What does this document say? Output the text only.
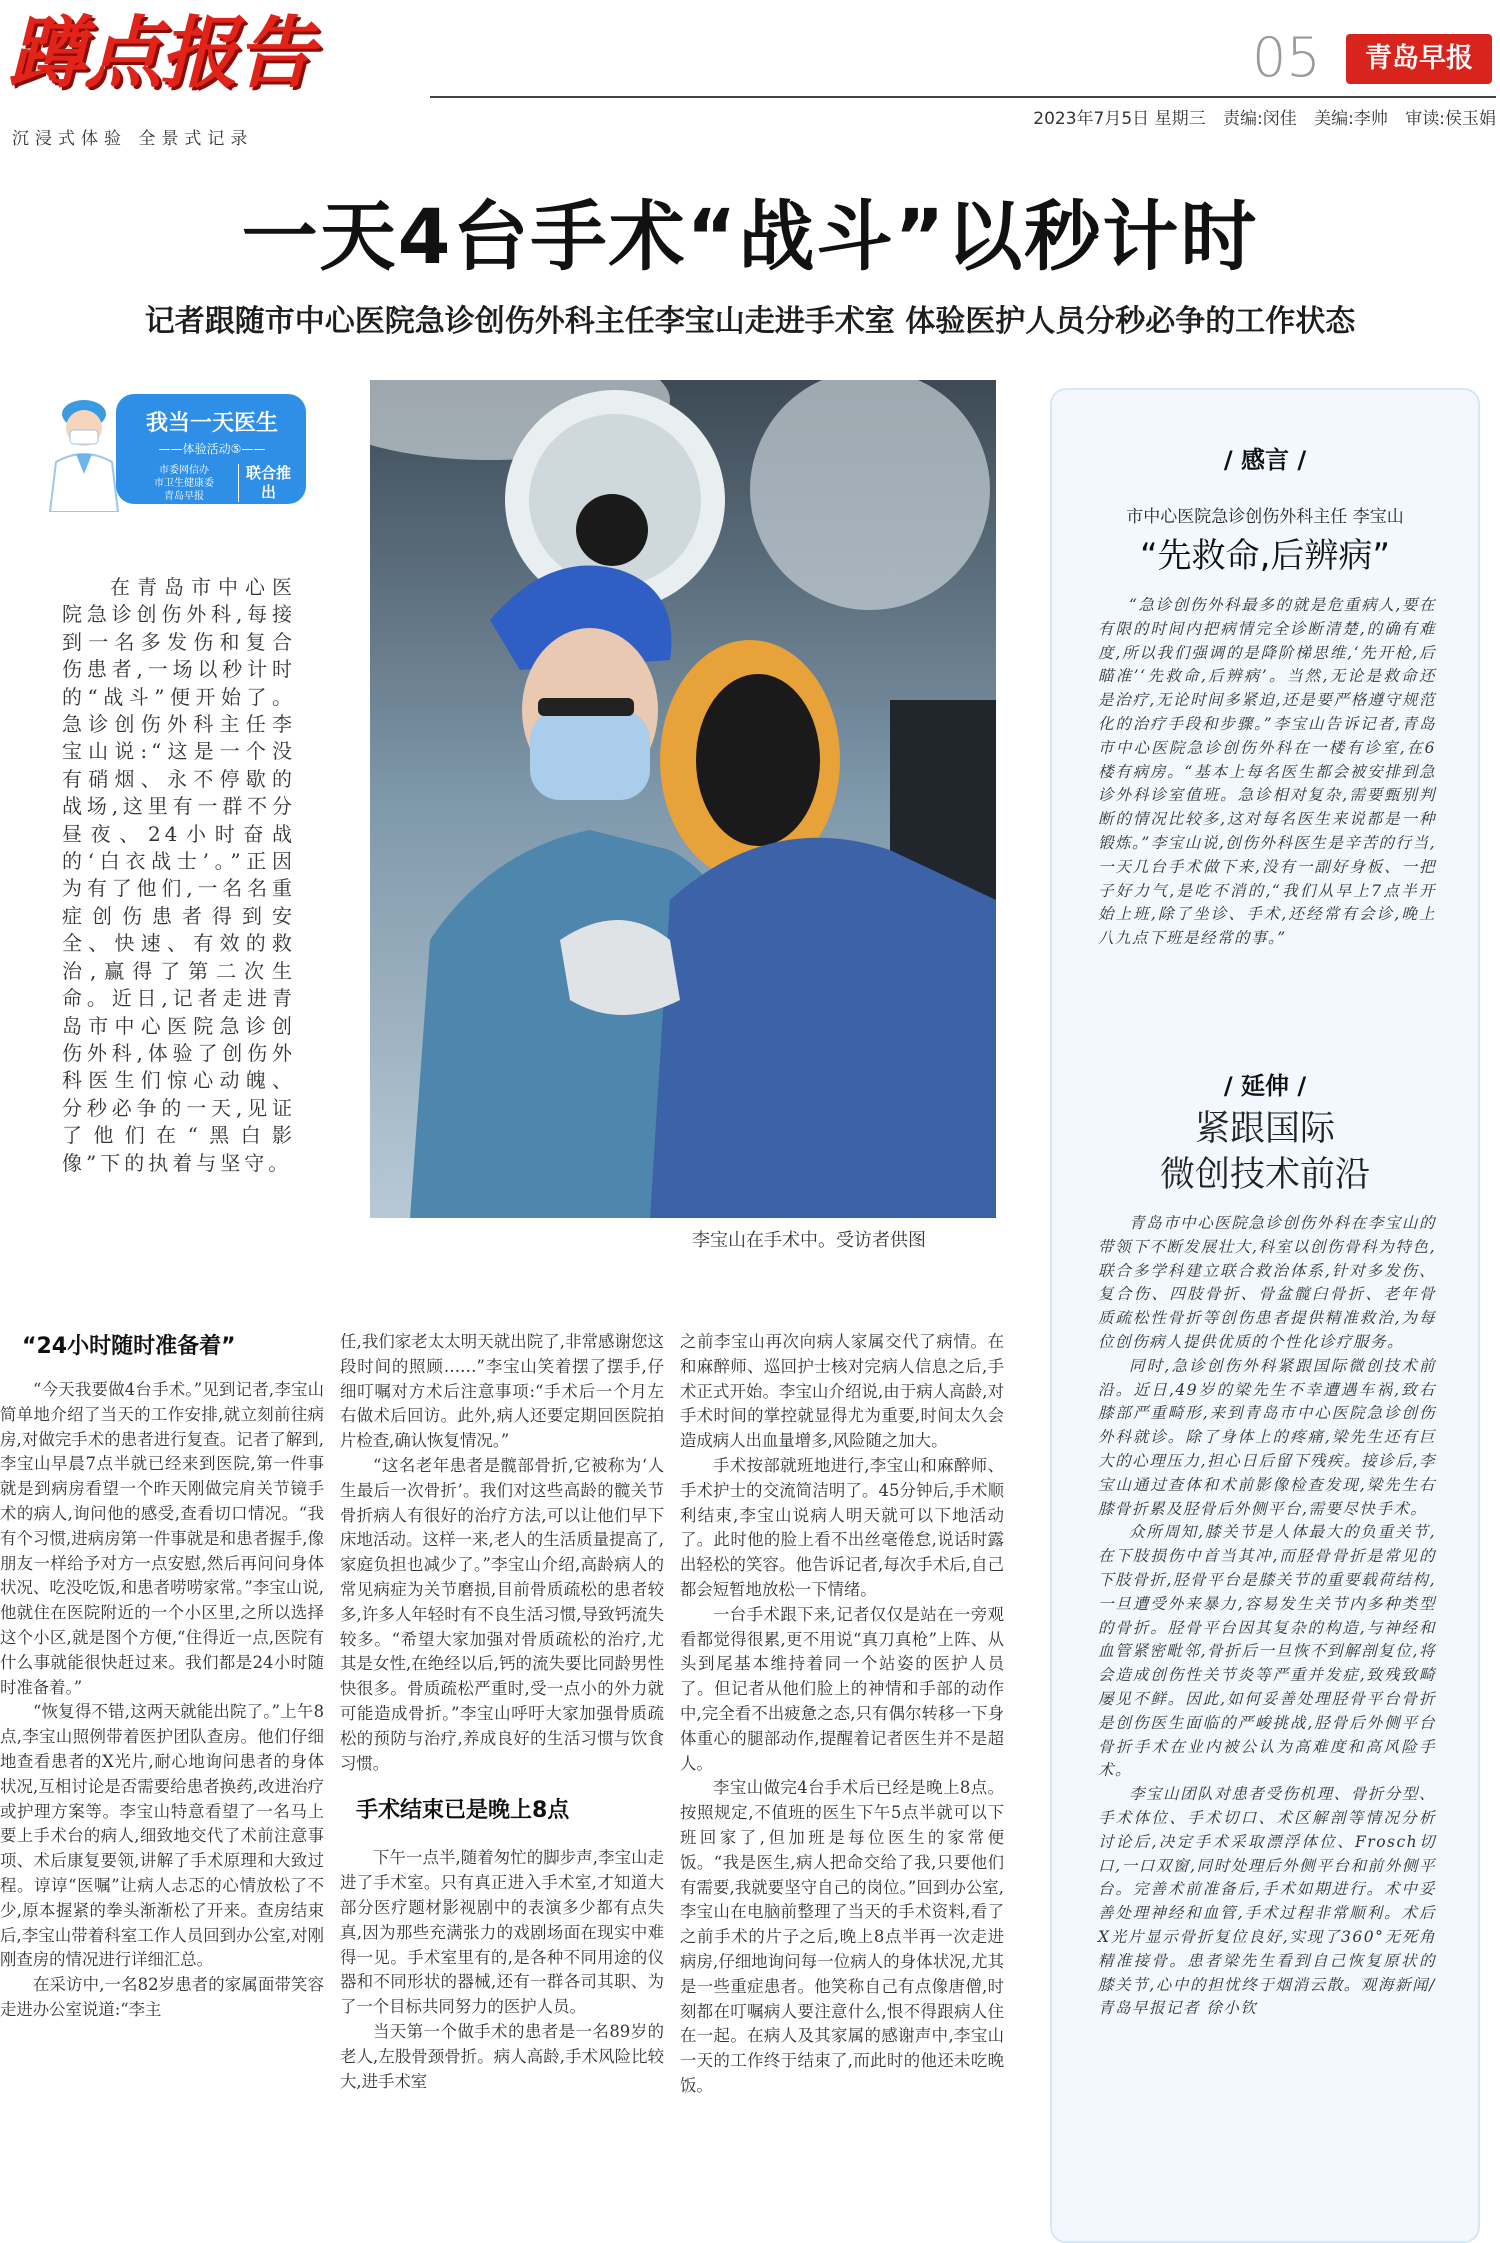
蹲点报告
沉浸式体验 全景式记录
05	青岛早报
2023年7月5日 星期三 责编:闵佳 美编:李帅 审读:侯玉娟
一天4台手术“战斗”以秒计时
记者跟随市中心医院急诊创伤外科主任李宝山走进手术室 体验医护人员分秒必争的工作状态
我当一天医生
——体验活动⑤——
市委网信办
市卫生健康委
青岛早报
联合推出

在青岛市中心医院急诊创伤外科,每接到一名多发伤和复合伤患者,一场以秒计时的“战斗”便开始了。急诊创伤外科主任李宝山说:“这是一个没有硝烟、永不停歇的战场,这里有一群不分昼夜、24小时奋战的‘白衣战士’。”正因为有了他们,一名名重症创伤患者得到安全、快速、有效的救治,赢得了第二次生命。近日,记者走进青岛市中心医院急诊创伤外科,体验了创伤外科医生们惊心动魄、分秒必争的一天,见证了他们在“黑白影像”下的执着与坚守。

李宝山在手术中。受访者供图
/ 感言 /
市中心医院急诊创伤外科主任 李宝山
“先救命,后辨病”

“急诊创伤外科最多的就是危重病人,要在有限的时间内把病情完全诊断清楚,的确有难度,所以我们强调的是降阶梯思维,‘先开枪,后瞄准’‘先救命,后辨病’。当然,无论是救命还是治疗,无论时间多紧迫,还是要严格遵守规范化的治疗手段和步骤。”李宝山告诉记者,青岛市中心医院急诊创伤外科在一楼有诊室,在6楼有病房。“基本上每名医生都会被安排到急诊外科诊室值班。急诊相对复杂,需要甄别判断的情况比较多,这对每名医生来说都是一种锻炼。”李宝山说,创伤外科医生是辛苦的行当,一天几台手术做下来,没有一副好身板、一把子好力气,是吃不消的,“我们从早上7点半开始上班,除了坐诊、手术,还经常有会诊,晚上八九点下班是经常的事。”

/ 延伸 /
紧跟国际
微创技术前沿

青岛市中心医院急诊创伤外科在李宝山的带领下不断发展壮大,科室以创伤骨科为特色,联合多学科建立联合救治体系,针对多发伤、复合伤、四肢骨折、骨盆髋臼骨折、老年骨质疏松性骨折等创伤患者提供精准救治,为每位创伤病人提供优质的个性化诊疗服务。

同时,急诊创伤外科紧跟国际微创技术前沿。近日,49岁的梁先生不幸遭遇车祸,致右膝部严重畸形,来到青岛市中心医院急诊创伤外科就诊。除了身体上的疼痛,梁先生还有巨大的心理压力,担心日后留下残疾。接诊后,李宝山通过查体和术前影像检查发现,梁先生右膝骨折累及胫骨后外侧平台,需要尽快手术。

众所周知,膝关节是人体最大的负重关节,在下肢损伤中首当其冲,而胫骨骨折是常见的下肢骨折,胫骨平台是膝关节的重要载荷结构,一旦遭受外来暴力,容易发生关节内多种类型的骨折。胫骨平台因其复杂的构造,与神经和血管紧密毗邻,骨折后一旦恢不到解剖复位,将会造成创伤性关节炎等严重并发症,致残致畸屡见不鲜。因此,如何妥善处理胫骨平台骨折是创伤医生面临的严峻挑战,胫骨后外侧平台骨折手术在业内被公认为高难度和高风险手术。

李宝山团队对患者受伤机理、骨折分型、手术体位、手术切口、术区解剖等情况分析讨论后,决定手术采取漂浮体位、Frosch切口,一口双窗,同时处理后外侧平台和前外侧平台。完善术前准备后,手术如期进行。术中妥善处理神经和血管,手术过程非常顺利。术后X光片显示骨折复位良好,实现了360°无死角精准接骨。患者梁先生看到自己恢复原状的膝关节,心中的担忧终于烟消云散。观海新闻/青岛早报记者 徐小钦

“24小时随时准备着”

“今天我要做4台手术。”见到记者,李宝山简单地介绍了当天的工作安排,就立刻前往病房,对做完手术的患者进行复查。记者了解到,李宝山早晨7点半就已经来到医院,第一件事就是到病房看望一个昨天刚做完肩关节镜手术的病人,询问他的感受,查看切口情况。“我有个习惯,进病房第一件事就是和患者握手,像朋友一样给予对方一点安慰,然后再问问身体状况、吃没吃饭,和患者唠唠家常。”李宝山说,他就住在医院附近的一个小区里,之所以选择这个小区,就是图个方便,“住得近一点,医院有什么事就能很快赶过来。我们都是24小时随时准备着。”

“恢复得不错,这两天就能出院了。”上午8点,李宝山照例带着医护团队查房。他们仔细地查看患者的X光片,耐心地询问患者的身体状况,互相讨论是否需要给患者换药,改进治疗或护理方案等。李宝山特意看望了一名马上要上手术台的病人,细致地交代了术前注意事项、术后康复要领,讲解了手术原理和大致过程。谆谆“医嘱”让病人忐忑的心情放松了不少,原本握紧的拳头渐渐松了开来。查房结束后,李宝山带着科室工作人员回到办公室,对刚刚查房的情况进行详细汇总。

在采访中,一名82岁患者的家属面带笑容走进办公室说道:“李主

任,我们家老太太明天就出院了,非常感谢您这段时间的照顾……”李宝山笑着摆了摆手,仔细叮嘱对方术后注意事项:“手术后一个月左右做术后回访。此外,病人还要定期回医院拍片检查,确认恢复情况。”

“这名老年患者是髋部骨折,它被称为‘人生最后一次骨折’。我们对这些高龄的髋关节骨折病人有很好的治疗方法,可以让他们早下床地活动。这样一来,老人的生活质量提高了,家庭负担也减少了。”李宝山介绍,高龄病人的常见病症为关节磨损,目前骨质疏松的患者较多,许多人年轻时有不良生活习惯,导致钙流失较多。“希望大家加强对骨质疏松的治疗,尤其是女性,在绝经以后,钙的流失要比同龄男性快很多。骨质疏松严重时,受一点小的外力就可能造成骨折。”李宝山呼吁大家加强骨质疏松的预防与治疗,养成良好的生活习惯与饮食习惯。

手术结束已是晚上8点

下午一点半,随着匆忙的脚步声,李宝山走进了手术室。只有真正进入手术室,才知道大部分医疗题材影视剧中的表演多少都有点失真,因为那些充满张力的戏剧场面在现实中难得一见。手术室里有的,是各种不同用途的仪器和不同形状的器械,还有一群各司其职、为了一个目标共同努力的医护人员。

当天第一个做手术的患者是一名89岁的老人,左股骨颈骨折。病人高龄,手术风险比较大,进手术室

之前李宝山再次向病人家属交代了病情。在和麻醉师、巡回护士核对完病人信息之后,手术正式开始。李宝山介绍说,由于病人高龄,对手术时间的掌控就显得尤为重要,时间太久会造成病人出血量增多,风险随之加大。

手术按部就班地进行,李宝山和麻醉师、手术护士的交流简洁明了。45分钟后,手术顺利结束,李宝山说病人明天就可以下地活动了。此时他的脸上看不出丝毫倦怠,说话时露出轻松的笑容。他告诉记者,每次手术后,自己都会短暂地放松一下情绪。

一台手术跟下来,记者仅仅是站在一旁观看都觉得很累,更不用说“真刀真枪”上阵、从头到尾基本维持着同一个站姿的医护人员了。但记者从他们脸上的神情和手部的动作中,完全看不出疲惫之态,只有偶尔转移一下身体重心的腿部动作,提醒着记者医生并不是超人。

李宝山做完4台手术后已经是晚上8点。按照规定,不值班的医生下午5点半就可以下班回家了,但加班是每位医生的家常便饭。“我是医生,病人把命交给了我,只要他们有需要,我就要坚守自己的岗位。”回到办公室,李宝山在电脑前整理了当天的手术资料,看了之前手术的片子之后,晚上8点半再一次走进病房,仔细地询问每一位病人的身体状况,尤其是一些重症患者。他笑称自己有点像唐僧,时刻都在叮嘱病人要注意什么,恨不得跟病人住在一起。在病人及其家属的感谢声中,李宝山一天的工作终于结束了,而此时的他还未吃晚饭。
